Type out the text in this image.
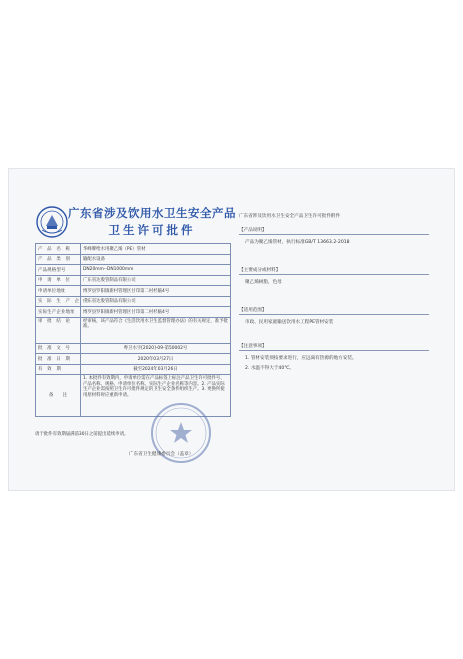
广东省涉及饮用水卫生安全产品
卫生许可批件
产　品　名　称	华峰牌给水用聚乙烯（PE）管材
产　品　类　别	输配水设备
产品规格型号	DN20mm--DN1000mm
申　请　单　位	广东省达股管制品有限公司
申请单位地址	博罗县罗阳镇新村管理区甘印第二村杉脑4号
实　际　生　产　企　业	广东省达股管制品有限公司
实际生产企业地址	博罗县罗阳镇新村管理区甘印第二村杉脑4号
审　批　结　论	经审核，该产品符合《生活饮用水卫生监督管理办法》的有关规定，准予批准。
批　准　文　号	粤卫水字[2020]-09-第50002号
批　准　日　期	2020年03月27日
有　效　期	截至2024年03月26日
备　　注	1. 本批件有效期内，申请单位需在产品标签上标注产品卫生许可批件号、产品名称、规格、申请单位名称、实际生产企业名称等内容。2. 产品实际生产企业需按照卫生许可批件规定的卫生安全条件组织生产。3. 更换所使用原材料时应重新申请。
请于批件有效期届满前30日之前提出延续申请。
广东省卫生健康委员会（盖章）
广东省涉及饮用水卫生安全产品卫生许可批件附件
【产品说明】
产品为聚乙烯管材，执行标准GB/T 13663.2-2018
【主要成分或材料】
聚乙烯树脂，色母
【适用范围】
市政、民用家庭输送饮用水工程PE管材安装
【注意事项】
1. 管材安装须按要求进行，应远离有热源的地方安装。
2. 水温不得大于40℃。
